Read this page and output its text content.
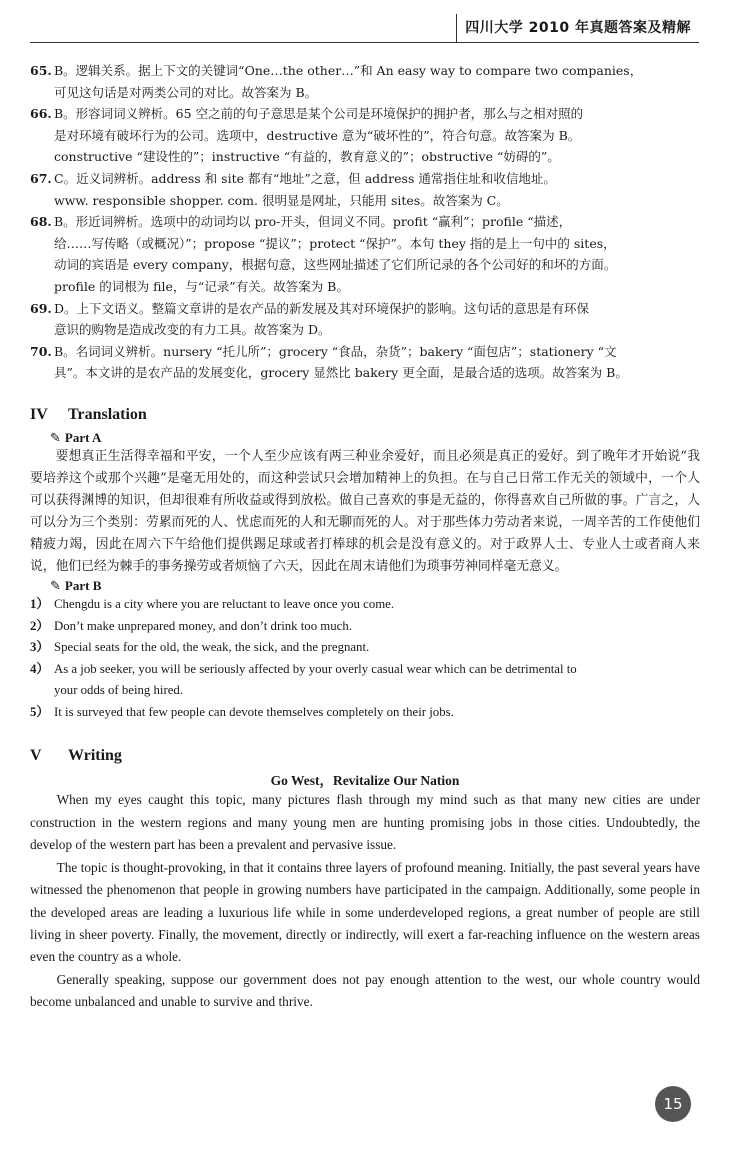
四川大学 2010 年真题答案及精解
65. B。逻辑关系。据上下文的关键词“One…the other…”和 An easy way to compare two companies，
可见这句话是对两类公司的对比。故答案为 B。
66. B。形容词词义辨析。65 空之前的句子意思是某个公司是环境保护的拥护者，那么与之相对照的
是对环境有破坏行为的公司。选项中，destructive 意为“破坏性的”，符合句意。故答案为 B。
constructive “建设性的”；instructive “有益的，教育意义的”；obstructive “妨碍的”。
67. C。近义词辨析。address 和 site 都有“地址”之意，但 address 通常指住址和收信地址。
www. responsible shopper. com. 很明显是网址，只能用 sites。故答案为 C。
68. B。形近词辨析。选项中的动词均以 pro-开头，但词义不同。profit “赢利”；profile “描述，
给……写传略（或概况）”；propose “提议”；protect “保护”。本句 they 指的是上一句中的 sites，
动词的宾语是 every company，根据句意，这些网址描述了它们所记录的各个公司好的和坏的方面。
profile 的词根为 file，与“记录”有关。故答案为 B。
69. D。上下文语义。整篇文章讲的是农产品的新发展及其对环境保护的影响。这句话的意思是有环保
意识的购物是造成改变的有力工具。故答案为 D。
70. B。名词词义辨析。nursery “托儿所”；grocery “食品，杂货”；bakery “面包店”；stationery “文
具”。本文讲的是农产品的发展变化，grocery 显然比 bakery 更全面，是最合适的选项。故答案为 B。

IV Translation

✎ Part A

要想真正生活得幸福和平安，一个人至少应该有两三种业余爱好，而且必须是真正的爱好。到了晚年才开始说“我要培养这个或那个兴趣”是毫无用处的，而这种尝试只会增加精神上的负担。在与自己日常工作无关的领域中，一个人可以获得渊博的知识，但却很难有所收益或得到放松。做自己喜欢的事是无益的，你得喜欢自己所做的事。广言之，人可以分为三个类别：劳累而死的人、忧虑而死的人和无聊而死的人。对于那些体力劳动者来说，一周辛苦的工作使他们精疲力竭，因此在周六下午给他们提供踢足球或者打棒球的机会是没有意义的。对于政界人士、专业人士或者商人来说，他们已经为棘手的事务操劳或者烦恼了六天，因此在周末请他们为琐事劳神同样毫无意义。

✎ Part B

1） Chengdu is a city where you are reluctant to leave once you come.
2） Don’t make unprepared money, and don’t drink too much.
3） Special seats for the old, the weak, the sick, and the pregnant.
4） As a job seeker, you will be seriously affected by your overly casual wear which can be detrimental to
your odds of being hired.
5） It is surveyed that few people can devote themselves completely on their jobs.

V Writing

Go West，Revitalize Our Nation

When my eyes caught this topic, many pictures flash through my mind such as that many new cities are under construction in the western regions and many young men are hunting promising jobs in those cities. Undoubtedly, the develop of the western part has been a prevalent and pervasive issue.

The topic is thought-provoking, in that it contains three layers of profound meaning. Initially, the past several years have witnessed the phenomenon that people in growing numbers have participated in the campaign. Additionally, some people in the developed areas are leading a luxurious life while in some underdeveloped regions, a great number of people are still living in sheer poverty. Finally, the movement, directly or indirectly, will exert a far-reaching influence on the western areas even the country as a whole.

Generally speaking, suppose our government does not pay enough attention to the west, our whole country would become unbalanced and unable to survive and thrive.

15
